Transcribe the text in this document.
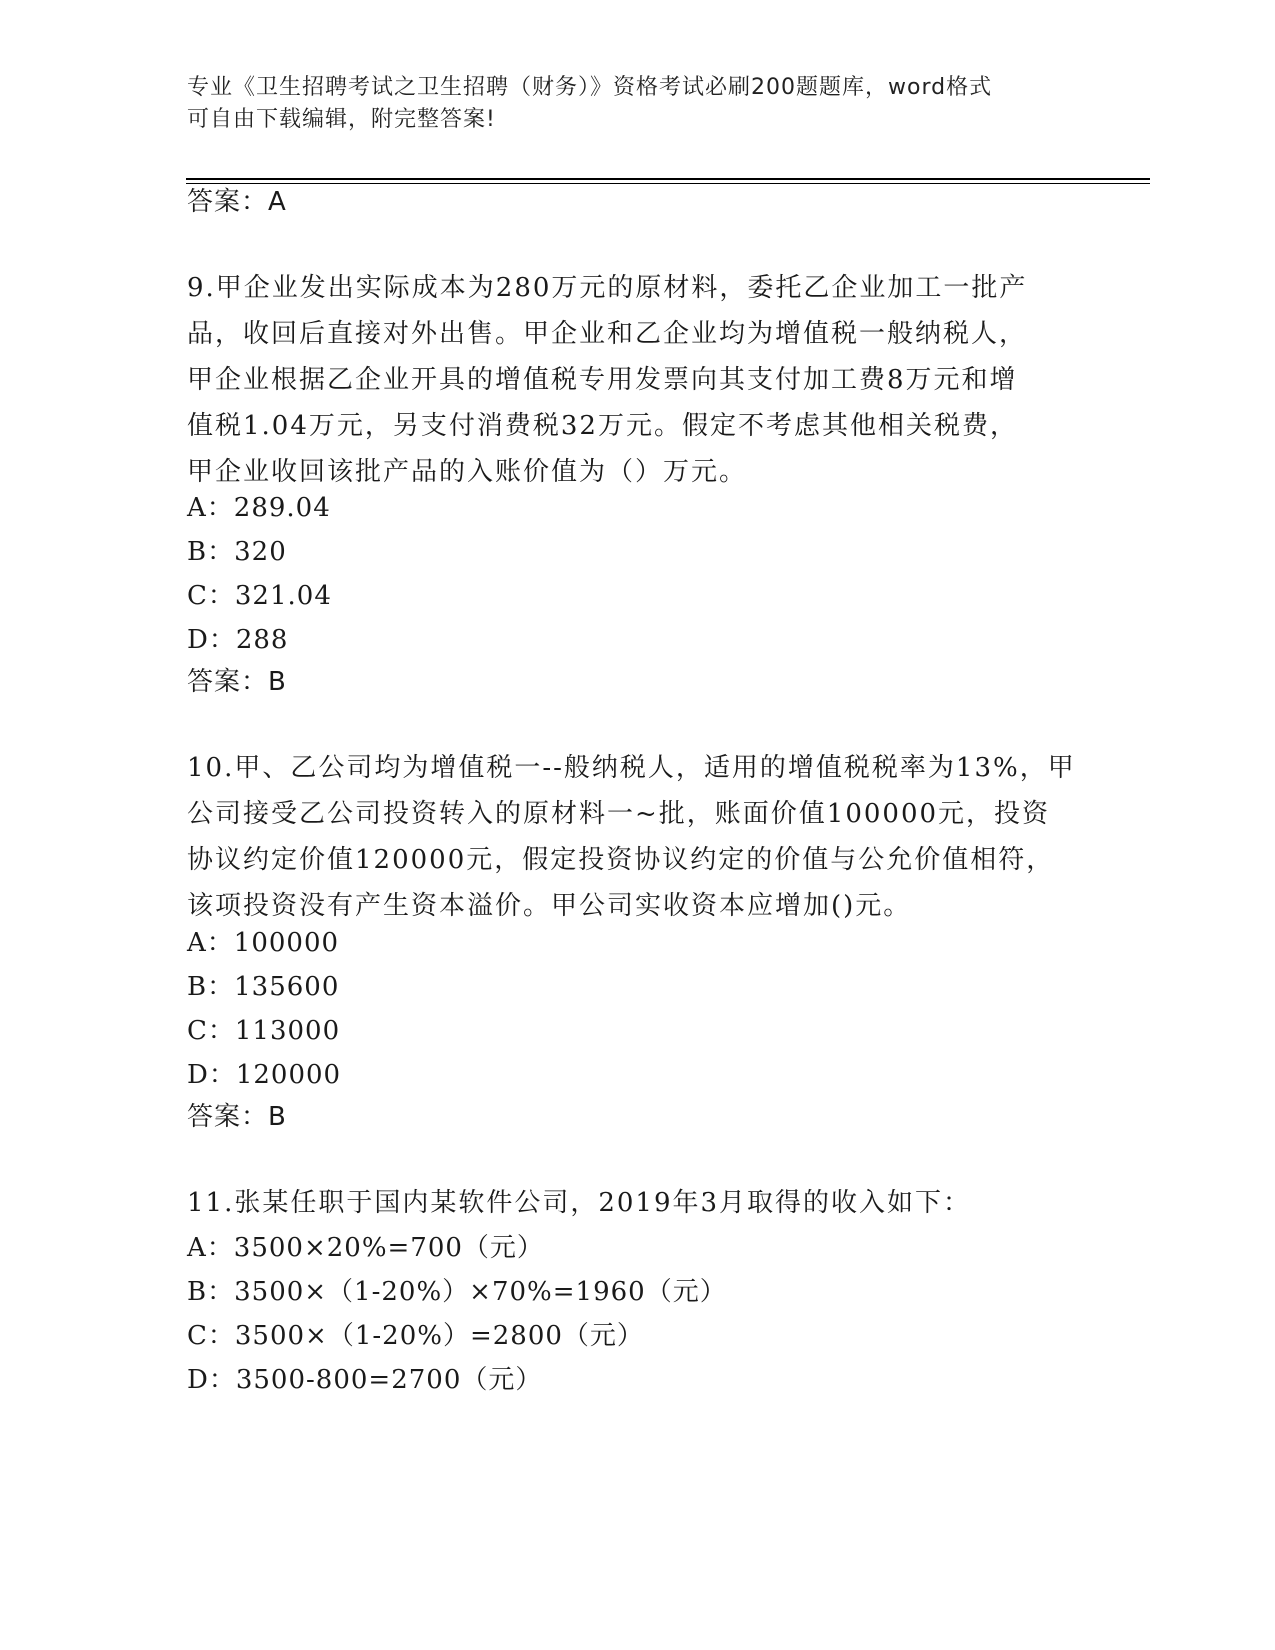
专业《卫生招聘考试之卫生招聘（财务）》资格考试必刷200题题库，word格式
可自由下载编辑，附完整答案!
答案：A
9.甲企业发出实际成本为280万元的原材料，委托乙企业加工一批产
品，收回后直接对外出售。甲企业和乙企业均为增值税一般纳税人，
甲企业根据乙企业开具的增值税专用发票向其支付加工费8万元和增
值税1.04万元，另支付消费税32万元。假定不考虑其他相关税费，
甲企业收回该批产品的入账价值为（）万元。
A：289.04
B：320
C：321.04
D：288
答案：B
10.甲、乙公司均为增值税一--般纳税人，适用的增值税税率为13%，甲
公司接受乙公司投资转入的原材料一~批，账面价值100000元，投资
协议约定价值120000元，假定投资协议约定的价值与公允价值相符，
该项投资没有产生资本溢价。甲公司实收资本应增加()元。
A：100000
B：135600
C：113000
D：120000
答案：B
11.张某任职于国内某软件公司，2019年3月取得的收入如下：
A：3500×20%=700（元）
B：3500×（1-20%）×70%=1960（元）
C：3500×（1-20%）=2800（元）
D：3500-800=2700（元）
